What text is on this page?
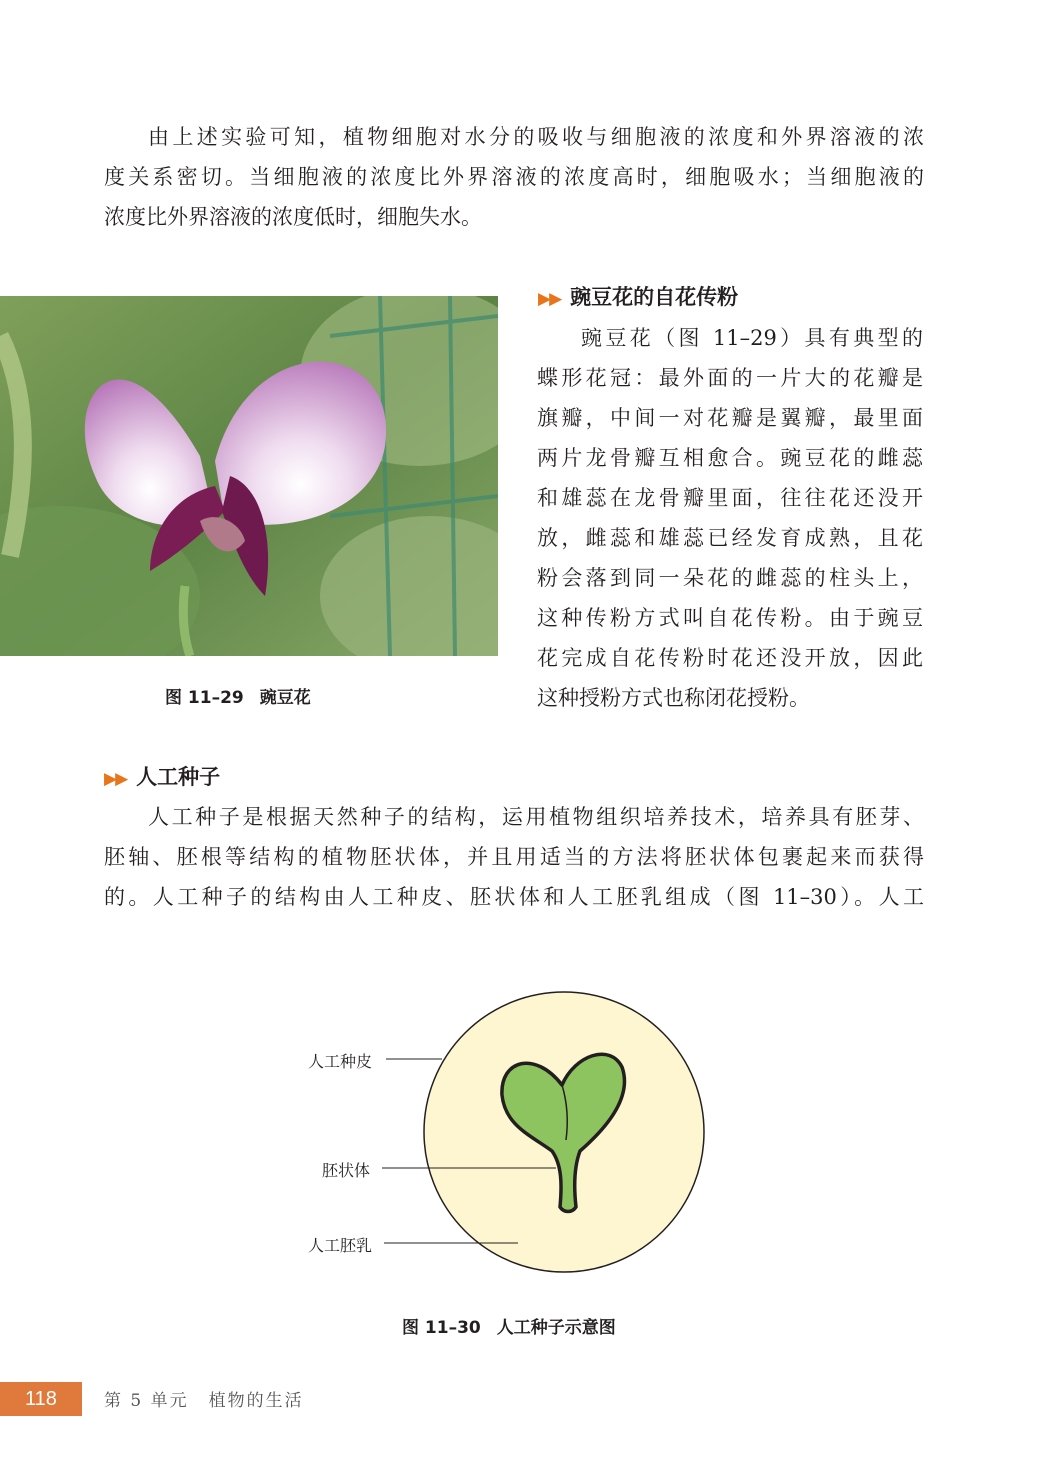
由上述实验可知，植物细胞对水分的吸收与细胞液的浓度和外界溶液的浓
度关系密切。当细胞液的浓度比外界溶液的浓度高时，细胞吸水；当细胞液的
浓度比外界溶液的浓度低时，细胞失水。
图 11–29 豌豆花
▶▶ 豌豆花的自花传粉
豌豆花（图 11–29）具有典型的
蝶形花冠：最外面的一片大的花瓣是
旗瓣，中间一对花瓣是翼瓣，最里面
两片龙骨瓣互相愈合。豌豆花的雌蕊
和雄蕊在龙骨瓣里面，往往花还没开
放，雌蕊和雄蕊已经发育成熟，且花
粉会落到同一朵花的雌蕊的柱头上，
这种传粉方式叫自花传粉。由于豌豆
花完成自花传粉时花还没开放，因此
这种授粉方式也称闭花授粉。
▶▶ 人工种子
人工种子是根据天然种子的结构，运用植物组织培养技术，培养具有胚芽、
胚轴、胚根等结构的植物胚状体，并且用适当的方法将胚状体包裹起来而获得
的。人工种子的结构由人工种皮、胚状体和人工胚乳组成（图 11–30）。人工
人工种皮
胚状体
人工胚乳
图 11–30 人工种子示意图
118	第 5 单元 植物的生活
